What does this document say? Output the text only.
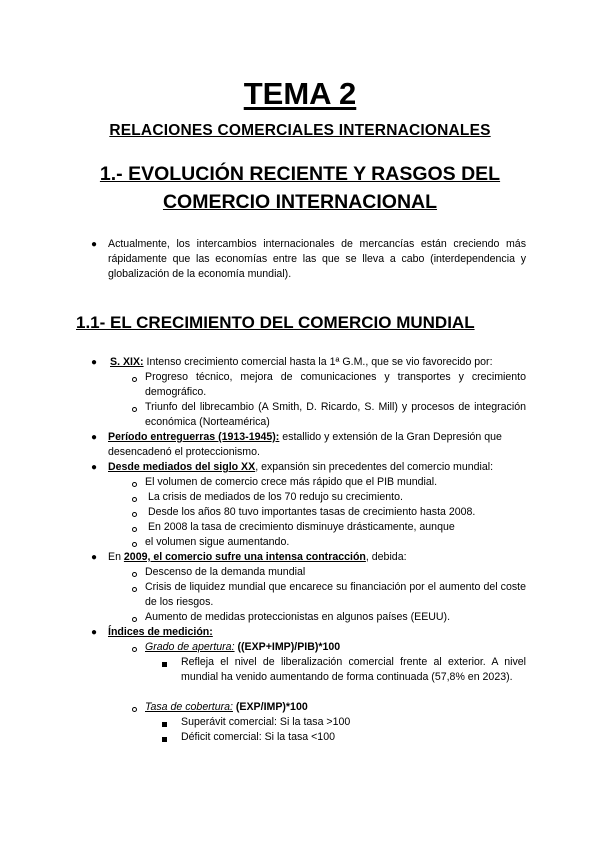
TEMA 2
RELACIONES COMERCIALES INTERNACIONALES
1.- EVOLUCIÓN RECIENTE Y RASGOS DEL COMERCIO INTERNACIONAL
● Actualmente, los intercambios internacionales de mercancías están creciendo más rápidamente que las economías entre las que se lleva a cabo (interdependencia y globalización de la economía mundial).
1.1- EL CRECIMIENTO DEL COMERCIO MUNDIAL
● S. XIX: Intenso crecimiento comercial hasta la 1ª G.M., que se vio favorecido por:
Progreso técnico, mejora de comunicaciones y transportes y crecimiento demográfico.
Triunfo del librecambio (A Smith, D. Ricardo, S. Mill) y procesos de integración económica (Norteamérica)
● Período entreguerras (1913-1945): estallido y extensión de la Gran Depresión que desencadenó el proteccionismo.
● Desde mediados del siglo XX, expansión sin precedentes del comercio mundial:
El volumen de comercio crece más rápido que el PIB mundial.
La crisis de mediados de los 70 redujo su crecimiento.
Desde los años 80 tuvo importantes tasas de crecimiento hasta 2008.
En 2008 la tasa de crecimiento disminuye drásticamente, aunque
el volumen sigue aumentando.
● En 2009, el comercio sufre una intensa contracción, debida:
Descenso de la demanda mundial
Crisis de liquidez mundial que encarece su financiación por el aumento del coste de los riesgos.
Aumento de medidas proteccionistas en algunos países (EEUU).
● Índices de medición:
Grado de apertura: ((EXP+IMP)/PIB)*100
Refleja el nivel de liberalización comercial frente al exterior. A nivel mundial ha venido aumentando de forma continuada (57,8% en 2023).
Tasa de cobertura: (EXP/IMP)*100
Superávit comercial: Si la tasa >100
Déficit comercial: Si la tasa <100
